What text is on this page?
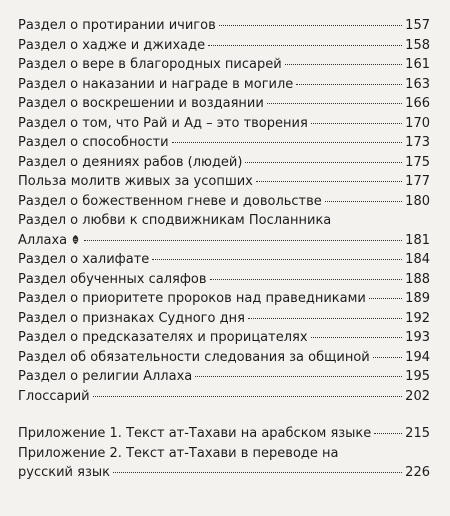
Раздел о протирании ичигов	157
Раздел о хадже и джихаде	158
Раздел о вере в благородных писарей	161
Раздел о наказании и награде в могиле	163
Раздел о воскрешении и воздаянии	166
Раздел о том, что Рай и Ад – это творения	170
Раздел о способности	173
Раздел о деяниях рабов (людей)	175
Польза молитв живых за усопших	177
Раздел о божественном гневе и довольстве	180
Раздел о любви к сподвижникам Посланника
Аллаха	181
Раздел о халифате	184
Раздел обученных саляфов	188
Раздел о приоритете пророков над праведниками	189
Раздел о признаках Судного дня	192
Раздел о предсказателях и прорицателях	193
Раздел об обязательности следования за общиной	194
Раздел о религии Аллаха	195
Глоссарий	202
Приложение 1. Текст ат-Тахави на арабском языке	215
Приложение 2. Текст ат-Тахави в переводе на
русский язык	226
